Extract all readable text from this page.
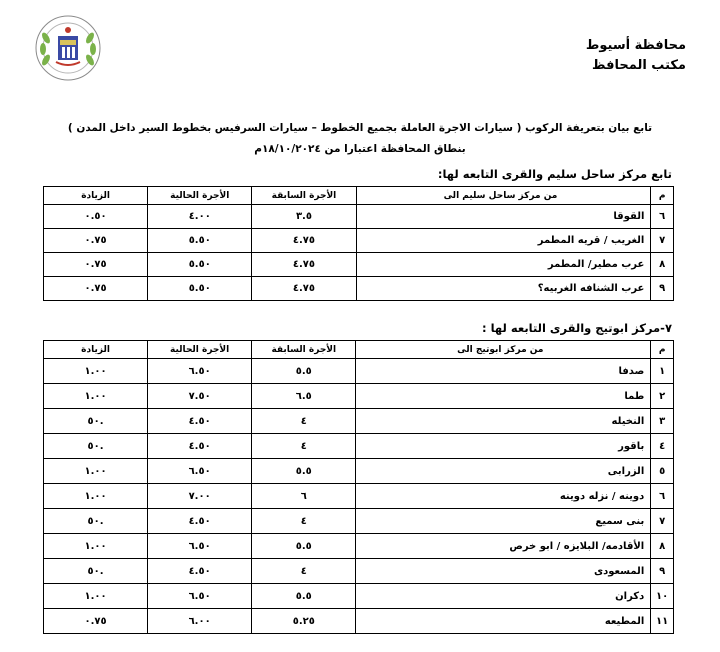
محافظة أسيوط
مكتب المحافظ
تابع بيان بتعريفة الركوب ( سيارات الاجرة العاملة بجميع الخطوط – سيارات السرفيس بخطوط السير داخل المدن )
بنطاق المحافظة اعتبارا من ١٨/١٠/٢٠٢٤م
تابع مركز ساحل سليم والقرى التابعه لها:
م	من مركز ساحل سليم الى	الأجرة السابقة	الأجرة الحالية	الزيادة
٦	القوقا	٣.٥	٤.٠٠	٠.٥٠
٧	الغريب / قريه المطمر	٤.٧٥	٥.٥٠	٠.٧٥
٨	عرب مطير/ المطمر	٤.٧٥	٥.٥٠	٠.٧٥
٩	عرب الشنافه الغربيه؟	٤.٧٥	٥.٥٠	٠.٧٥
٧-مركز ابوتيج والقرى التابعه لها :
م	من مركز ابوتيج الى	الأجرة السابقة	الأجرة الحالية	الزيادة
١	صدفا	٥.٥	٦.٥٠	١.٠٠
٢	طما	٦.٥	٧.٥٠	١.٠٠
٣	النخيله	٤	٤.٥٠	.٥٠
٤	باقور	٤	٤.٥٠	.٥٠
٥	الزرابى	٥.٥	٦.٥٠	١.٠٠
٦	دوينه / نزله دوينه	٦	٧.٠٠	١.٠٠
٧	بنى سميع	٤	٤.٥٠	.٥٠
٨	الأقادمه/ البلايزه / ابو خرص	٥.٥	٦.٥٠	١.٠٠
٩	المسعودى	٤	٤.٥٠	.٥٠
١٠	دكران	٥.٥	٦.٥٠	١.٠٠
١١	المطيعه	٥.٢٥	٦.٠٠	٠.٧٥
